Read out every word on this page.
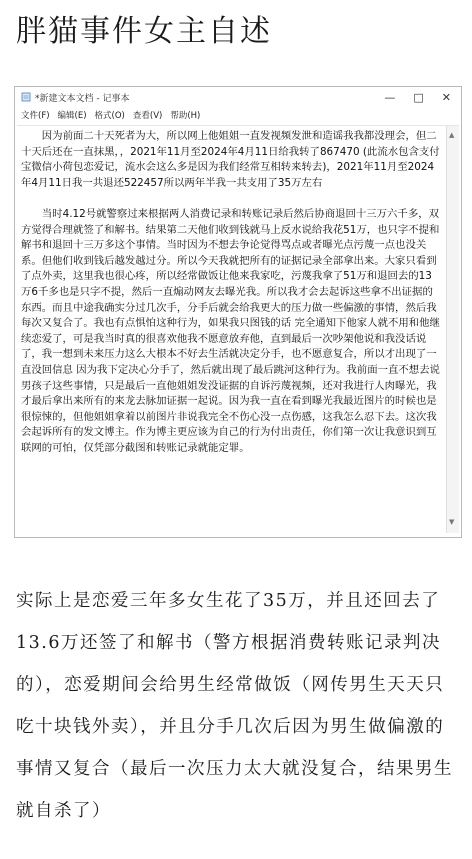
胖猫事件女主自述
*新建文本文档 - 记事本	— □ ✕
文件(F) 编辑(E) 格式(O) 查看(V) 帮助(H)

因为前面二十天死者为大，所以网上他姐姐一直发视频发泄和造谣我我都没理会，但二十天后还在一直抹黑，，2021年11月至2024年4月11日给我转了867470 (此流水包含支付宝微信小荷包恋爱记，流水会这么多是因为我们经常互相转来转去)，2021年11月至2024年4月11日我一共退还522457所以两年半我一共支用了35万左右

当时4.12号就警察过来根据两人消费记录和转账记录后然后协商退回十三万六千多，双方觉得合理就签了和解书。结果第二天他们收到钱就马上反水说给我花51万，也只字不提和解书和退回十三万多这个事情。当时因为不想去争论觉得骂点或者曝光点污蔑一点也没关系。但他们收到钱后越发越过分。所以今天我就把所有的证据记录全部拿出来。大家只看到了点外卖，这里我也很心疼，所以经常做饭让他来我家吃，污蔑我拿了51万和退回去的13万6千多也是只字不提，然后一直煽动网友去曝光我。所以我才会去起诉这些拿不出证据的东西。而且中途我确实分过几次手，分手后就会给我更大的压力做一些偏激的事情，然后我每次又复合了。我也有点惧怕这种行为，如果我只图钱的话 完全通知下他家人就不用和他继续恋爱了，可是我当时真的很喜欢他我不愿意放弃他，直到最后一次吵架他说和我没话说了，我一想到未来压力这么大根本不好去生活就决定分手，也不愿意复合，所以才出现了一直没回信息 因为我下定决心分手了，然后就出现了最后跳河这种行为。我前面一直不想去说男孩子这些事情，只是最后一直他姐姐发没证据的自诉污蔑视频，还对我进行人肉曝光，我才最后拿出来所有的来龙去脉加证据一起说。因为我一直在看到曝光我最近图片的时候也是很惊悚的，但他姐姐拿着以前图片非说我完全不伤心没一点伤感，这我怎么忍下去。这次我会起诉所有的发文博主。作为博主更应该为自己的行为付出责任，你们第一次让我意识到互联网的可怕，仅凭部分截图和转账记录就能定罪。

▲
▼
实际上是恋爱三年多女生花了35万，并且还回去了13.6万还签了和解书（警方根据消费转账记录判决的），恋爱期间会给男生经常做饭（网传男生天天只吃十块钱外卖），并且分手几次后因为男生做偏激的事情又复合（最后一次压力太大就没复合，结果男生就自杀了）
